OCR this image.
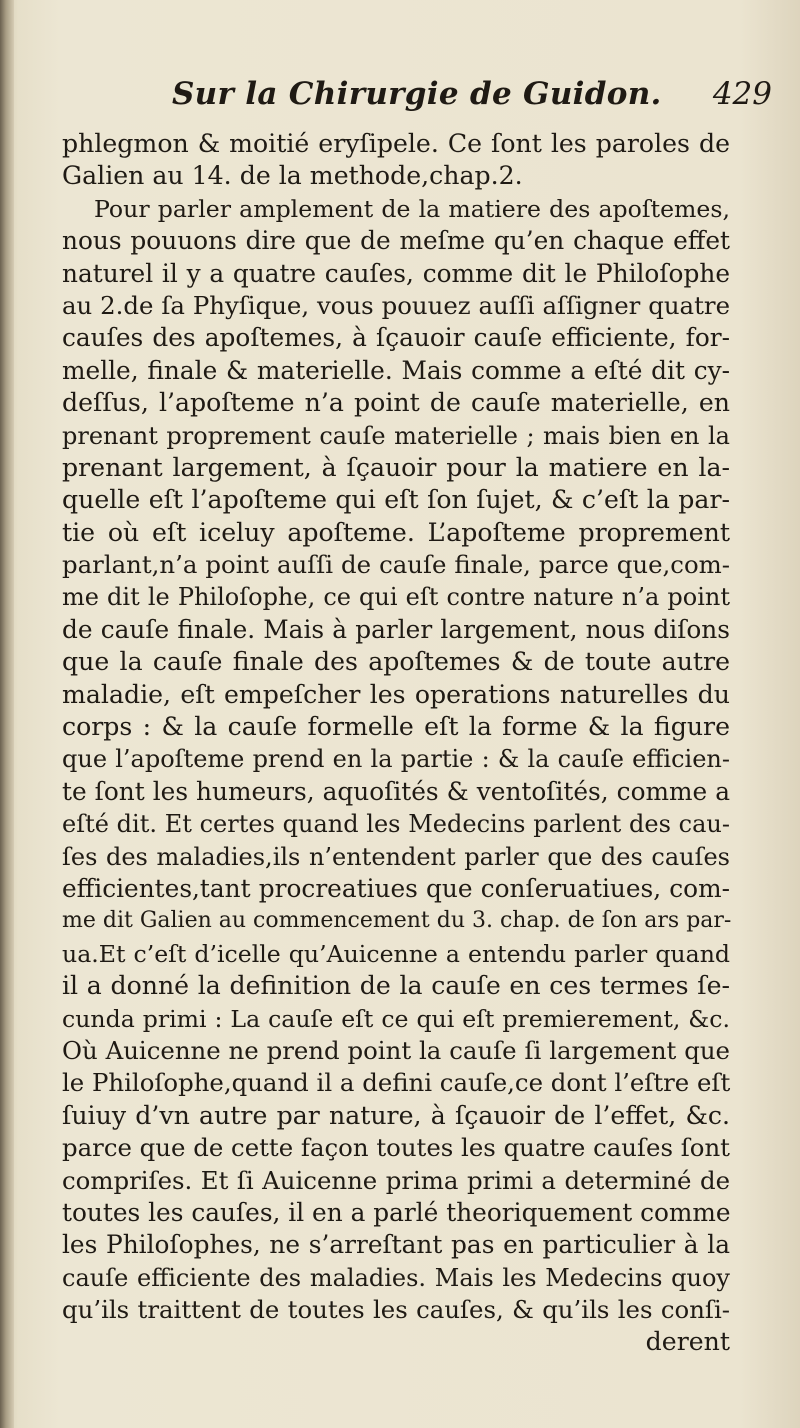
Sur la Chirurgie de Guidon. 429
phlegmon & moitié eryſipele. Ce ſont les paroles de
Galien au 14. de la methode,chap.2.
Pour parler amplement de la matiere des apoſtemes,
nous pouuons dire que de meſme qu’en chaque effet
naturel il y a quatre cauſes, comme dit le Philoſophe
au 2.de ſa Phyſique, vous pouuez auſſi aſſigner quatre
cauſes des apoſtemes, à ſçauoir cauſe efficiente, for-
melle, finale & materielle. Mais comme a eſté dit cy-
deſſus, l’apoſteme n’a point de cauſe materielle, en
prenant proprement cauſe materielle ; mais bien en la
prenant largement, à ſçauoir pour la matiere en la-
quelle eſt l’apoſteme qui eſt ſon ſujet, & c’eſt la par-
tie où eſt iceluy apoſteme. L’apoſteme proprement
parlant,n’a point auſſi de cauſe finale, parce que,com-
me dit le Philoſophe, ce qui eſt contre nature n’a point
de cauſe finale. Mais à parler largement, nous diſons
que la cauſe finale des apoſtemes & de toute autre
maladie, eſt empeſcher les operations naturelles du
corps : & la cauſe formelle eſt la forme & la figure
que l’apoſteme prend en la partie : & la cauſe efficien-
te ſont les humeurs, aquoſités & ventoſités, comme a
eſté dit. Et certes quand les Medecins parlent des cau-
ſes des maladies,ils n’entendent parler que des cauſes
efficientes,tant procreatiues que conſeruatiues, com-
me dit Galien au commencement du 3. chap. de ſon ars par-
ua.Et c’eſt d’icelle qu’Auicenne a entendu parler quand
il a donné la definition de la cauſe en ces termes ſe-
cunda primi : La cauſe eſt ce qui eſt premierement, &c.
Où Auicenne ne prend point la cauſe ſi largement que
le Philoſophe,quand il a defini cauſe,ce dont l’eſtre eſt
ſuiuy d’vn autre par nature, à ſçauoir de l’effet, &c.
parce que de cette façon toutes les quatre cauſes ſont
compriſes. Et ſi Auicenne prima primi a determiné de
toutes les cauſes, il en a parlé theoriquement comme
les Philoſophes, ne s’arreſtant pas en particulier à la
cauſe efficiente des maladies. Mais les Medecins quoy
qu’ils traittent de toutes les cauſes, & qu’ils les conſi-
derent
